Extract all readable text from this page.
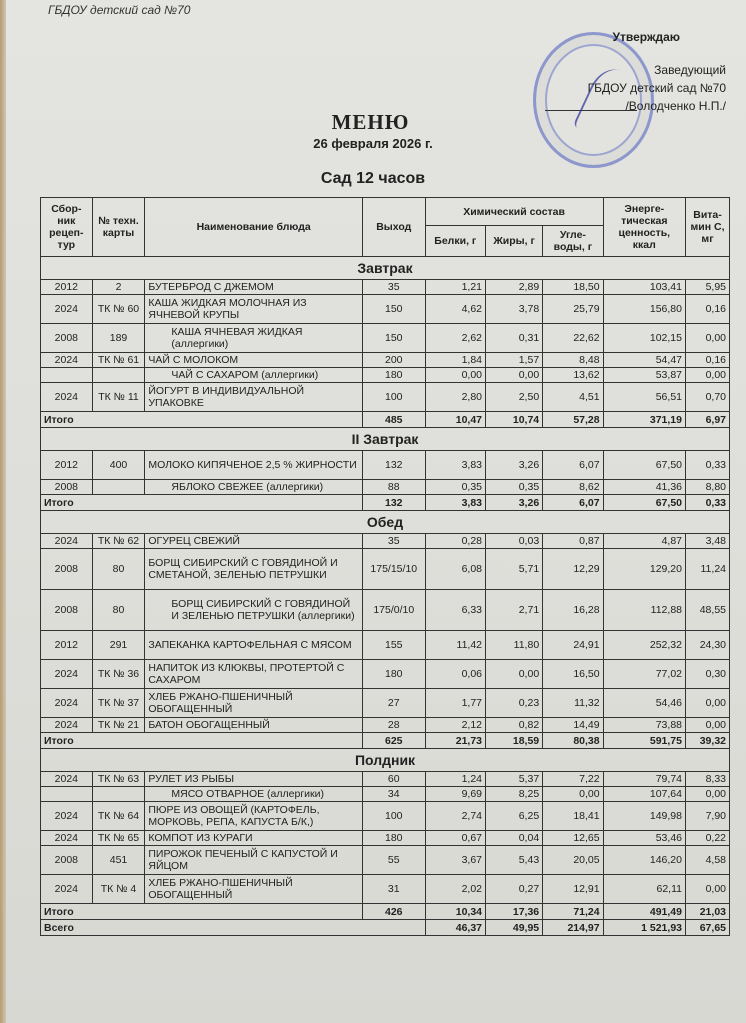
ГБДОУ детский сад №70
Утверждаю
Заведующий
ГБДОУ детский сад №70
/Володченко Н.П./
МЕНЮ
26 февраля 2026 г.
Сад 12 часов
Сбор-ник рецеп-тур	№ техн. карты	Наименование блюда	Выход	Химический состав			Энерге-тическая ценность, ккал	Вита-мин С, мг
				Белки, г	Жиры, г	Угле-воды, г		
Завтрак								
2012	2	БУТЕРБРОД С ДЖЕМОМ	35	1,21	2,89	18,50	103,41	5,95
2024	ТК № 60	КАША ЖИДКАЯ МОЛОЧНАЯ ИЗ ЯЧНЕВОЙ КРУПЫ	150	4,62	3,78	25,79	156,80	0,16
2008	189	КАША ЯЧНЕВАЯ ЖИДКАЯ (аллергики)	150	2,62	0,31	22,62	102,15	0,00
2024	ТК № 61	ЧАЙ С МОЛОКОМ	200	1,84	1,57	8,48	54,47	0,16
		ЧАЙ С САХАРОМ (аллергики)	180	0,00	0,00	13,62	53,87	0,00
2024	ТК № 11	ЙОГУРТ В ИНДИВИДУАЛЬНОЙ УПАКОВКЕ	100	2,80	2,50	4,51	56,51	0,70
Итого			485	10,47	10,74	57,28	371,19	6,97
II Завтрак								
2012	400	МОЛОКО КИПЯЧЕНОЕ 2,5 % ЖИРНОСТИ	132	3,83	3,26	6,07	67,50	0,33
2008		ЯБЛОКО СВЕЖЕЕ (аллергики)	88	0,35	0,35	8,62	41,36	8,80
Итого			132	3,83	3,26	6,07	67,50	0,33
Обед								
2024	ТК № 62	ОГУРЕЦ СВЕЖИЙ	35	0,28	0,03	0,87	4,87	3,48
2008	80	БОРЩ СИБИРСКИЙ С ГОВЯДИНОЙ И СМЕТАНОЙ, ЗЕЛЕНЬЮ ПЕТРУШКИ	175/15/10	6,08	5,71	12,29	129,20	11,24
2008	80	БОРЩ СИБИРСКИЙ С ГОВЯДИНОЙ И ЗЕЛЕНЬЮ ПЕТРУШКИ (аллергики)	175/0/10	6,33	2,71	16,28	112,88	48,55
2012	291	ЗАПЕКАНКА КАРТОФЕЛЬНАЯ С МЯСОМ	155	11,42	11,80	24,91	252,32	24,30
2024	ТК № 36	НАПИТОК ИЗ КЛЮКВЫ, ПРОТЕРТОЙ С САХАРОМ	180	0,06	0,00	16,50	77,02	0,30
2024	ТК № 37	ХЛЕБ РЖАНО-ПШЕНИЧНЫЙ ОБОГАЩЕННЫЙ	27	1,77	0,23	11,32	54,46	0,00
2024	ТК № 21	БАТОН ОБОГАЩЕННЫЙ	28	2,12	0,82	14,49	73,88	0,00
Итого			625	21,73	18,59	80,38	591,75	39,32
Полдник								
2024	ТК № 63	РУЛЕТ ИЗ РЫБЫ	60	1,24	5,37	7,22	79,74	8,33
		МЯСО ОТВАРНОЕ (аллергики)	34	9,69	8,25	0,00	107,64	0,00
2024	ТК № 64	ПЮРЕ ИЗ ОВОЩЕЙ (КАРТОФЕЛЬ, МОРКОВЬ, РЕПА, КАПУСТА Б/К,)	100	2,74	6,25	18,41	149,98	7,90
2024	ТК № 65	КОМПОТ ИЗ КУРАГИ	180	0,67	0,04	12,65	53,46	0,22
2008	451	ПИРОЖОК ПЕЧЕНЫЙ С КАПУСТОЙ И ЯЙЦОМ	55	3,67	5,43	20,05	146,20	4,58
2024	ТК № 4	ХЛЕБ РЖАНО-ПШЕНИЧНЫЙ ОБОГАЩЕННЫЙ	31	2,02	0,27	12,91	62,11	0,00
Итого			426	10,34	17,36	71,24	491,49	21,03
Всего				46,37	49,95	214,97	1 521,93	67,65
